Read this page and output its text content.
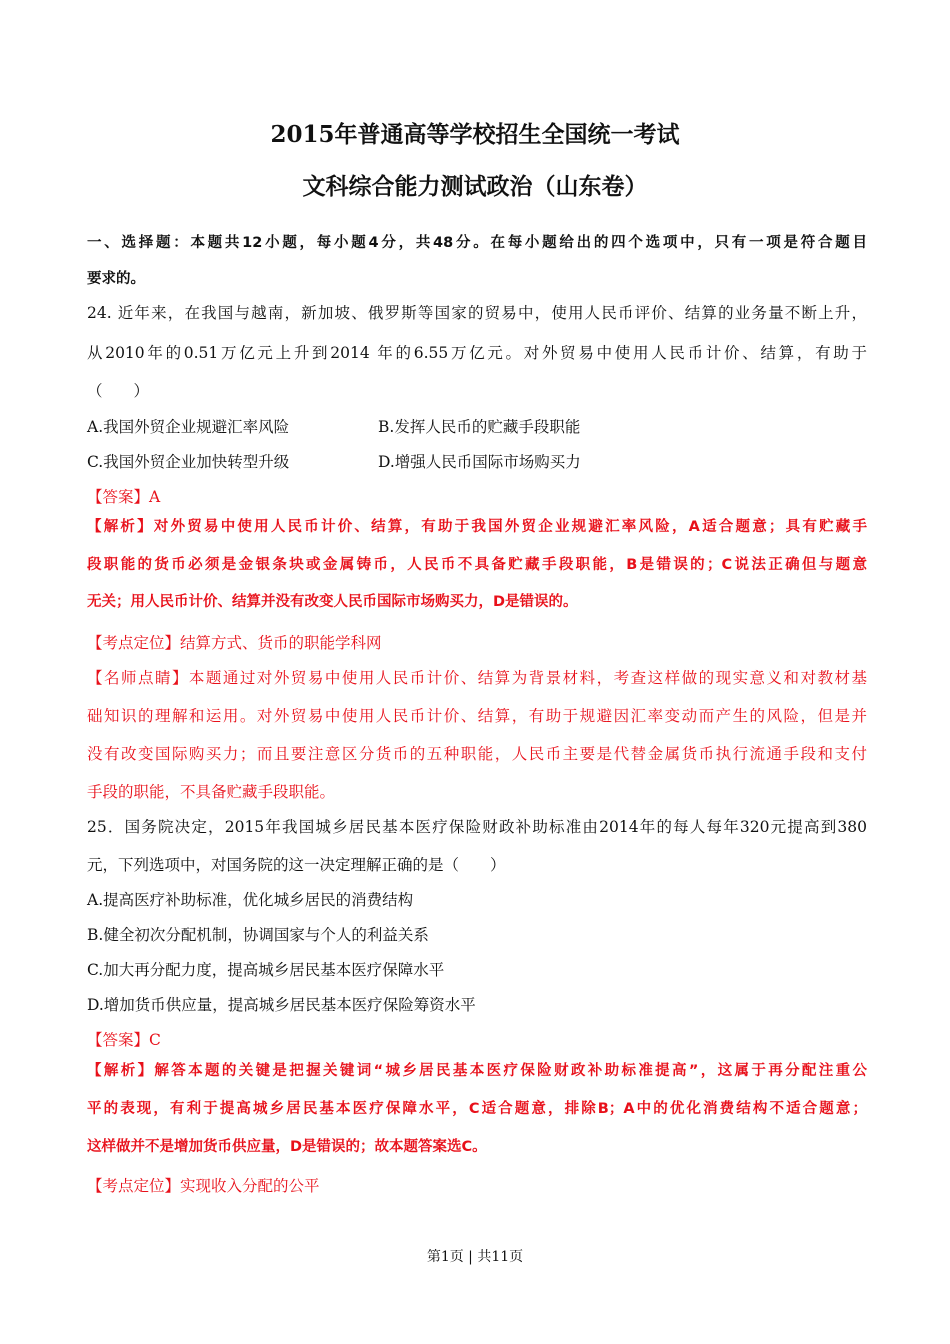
2015年普通高等学校招生全国统一考试
文科综合能力测试政治（山东卷）
一、选择题：本题共12小题，每小题4分，共48分。在每小题给出的四个选项中，只有一项是符合题目
要求的。
24. 近年来，在我国与越南，新加坡、俄罗斯等国家的贸易中，使用人民币评价、结算的业务量不断上升，
从2010年的0.51万亿元上升到2014 年的6.55万亿元。对外贸易中使用人民币计价、结算，有助于
（　　）
A.我国外贸企业规避汇率风险	B.发挥人民币的贮藏手段职能
C.我国外贸企业加快转型升级	D.增强人民币国际市场购买力
【答案】A
【解析】对外贸易中使用人民币计价、结算，有助于我国外贸企业规避汇率风险，A适合题意；具有贮藏手
段职能的货币必须是金银条块或金属铸币，人民币不具备贮藏手段职能，B是错误的；C说法正确但与题意
无关；用人民币计价、结算并没有改变人民币国际市场购买力，D是错误的。
【考点定位】结算方式、货币的职能学科网
【名师点睛】本题通过对外贸易中使用人民币计价、结算为背景材料，考查这样做的现实意义和对教材基
础知识的理解和运用。对外贸易中使用人民币计价、结算，有助于规避因汇率变动而产生的风险，但是并
没有改变国际购买力；而且要注意区分货币的五种职能，人民币主要是代替金属货币执行流通手段和支付
手段的职能，不具备贮藏手段职能。
25．国务院决定，2015年我国城乡居民基本医疗保险财政补助标准由2014年的每人每年320元提高到380
元，下列选项中，对国务院的这一决定理解正确的是（　　）
A.提高医疗补助标准，优化城乡居民的消费结构
B.健全初次分配机制，协调国家与个人的利益关系
C.加大再分配力度，提高城乡居民基本医疗保障水平
D.增加货币供应量，提高城乡居民基本医疗保险筹资水平
【答案】C
【解析】解答本题的关键是把握关键词“城乡居民基本医疗保险财政补助标准提高”，这属于再分配注重公
平的表现，有利于提高城乡居民基本医疗保障水平，C适合题意，排除B；A中的优化消费结构不适合题意；
这样做并不是增加货币供应量，D是错误的；故本题答案选C。
【考点定位】实现收入分配的公平
第1页 | 共11页
